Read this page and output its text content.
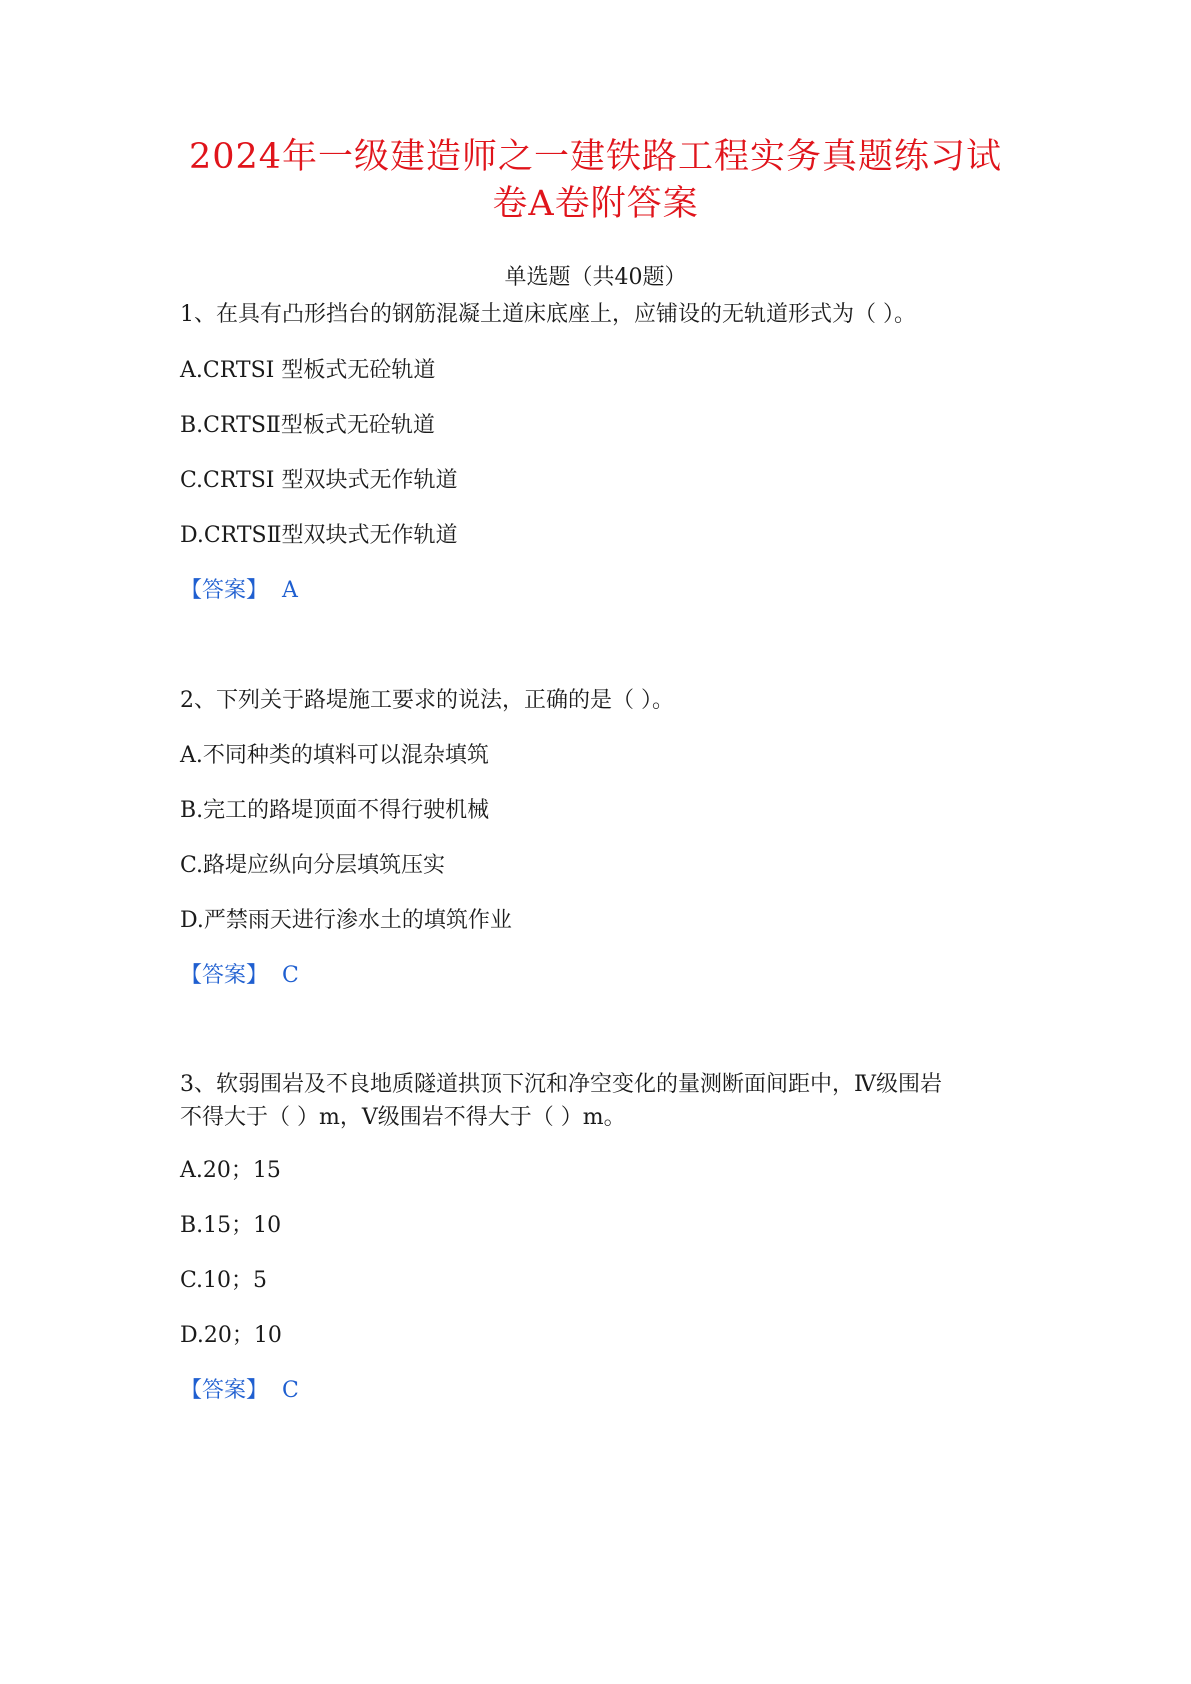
2024年一级建造师之一建铁路工程实务真题练习试
卷A卷附答案
单选题（共40题）
1、在具有凸形挡台的钢筋混凝土道床底座上，应铺设的无轨道形式为（ ）。
A.CRTSI 型板式无砼轨道
B.CRTSⅡ型板式无砼轨道
C.CRTSI 型双块式无作轨道
D.CRTSⅡ型双块式无作轨道
【答案】 A
2、下列关于路堤施工要求的说法，正确的是（ ）。
A.不同种类的填料可以混杂填筑
B.完工的路堤顶面不得行驶机械
C.路堤应纵向分层填筑压实
D.严禁雨天进行渗水土的填筑作业
【答案】 C
3、软弱围岩及不良地质隧道拱顶下沉和净空变化的量测断面间距中，Ⅳ级围岩
不得大于（ ）m，Ⅴ级围岩不得大于（ ）m。
A.20；15
B.15；10
C.10；5
D.20；10
【答案】 C
